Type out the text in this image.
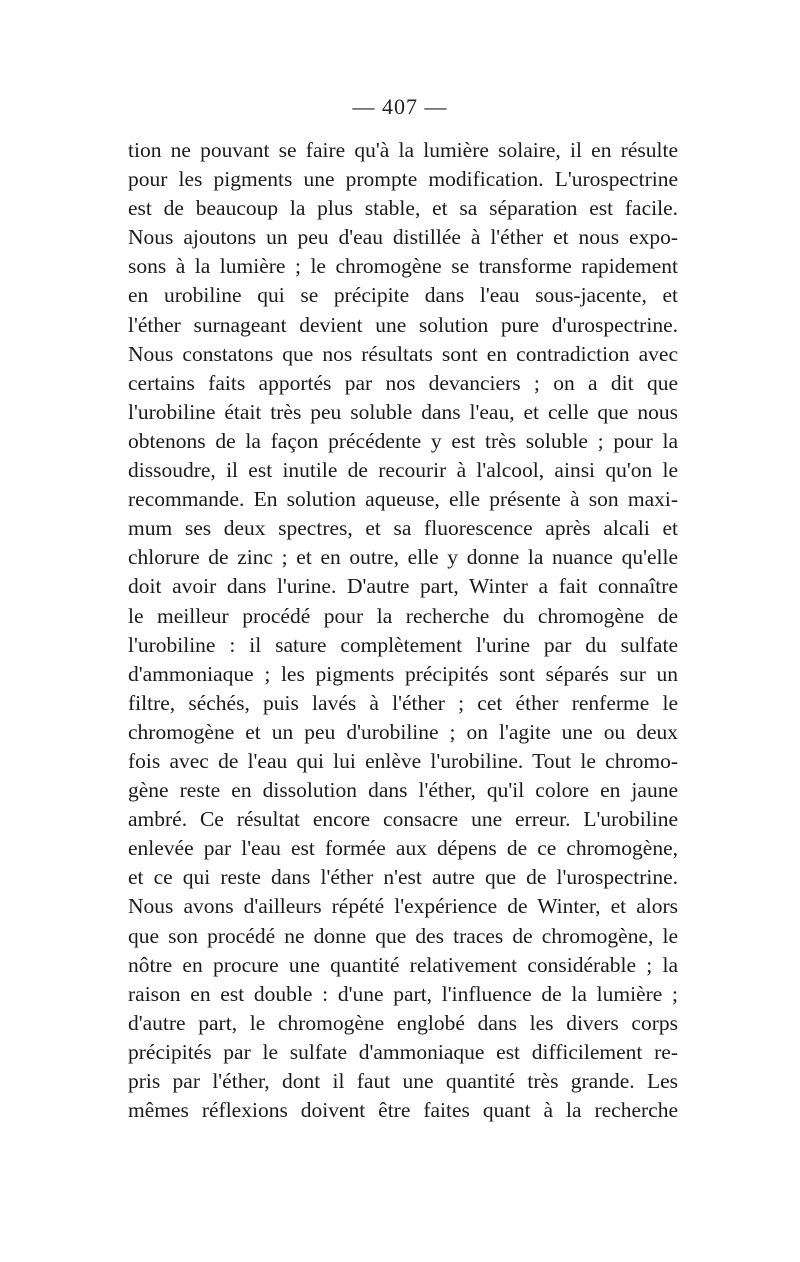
— 407 —
tion ne pouvant se faire qu'à la lumière solaire, il en résulte
pour les pigments une prompte modification. L'urospectrine
est de beaucoup la plus stable, et sa séparation est facile.
Nous ajoutons un peu d'eau distillée à l'éther et nous expo-
sons à la lumière ; le chromogène se transforme rapidement
en urobiline qui se précipite dans l'eau sous-jacente, et
l'éther surnageant devient une solution pure d'urospectrine.
Nous constatons que nos résultats sont en contradiction avec
certains faits apportés par nos devanciers ; on a dit que
l'urobiline était très peu soluble dans l'eau, et celle que nous
obtenons de la façon précédente y est très soluble ; pour la
dissoudre, il est inutile de recourir à l'alcool, ainsi qu'on le
recommande. En solution aqueuse, elle présente à son maxi-
mum ses deux spectres, et sa fluorescence après alcali et
chlorure de zinc ; et en outre, elle y donne la nuance qu'elle
doit avoir dans l'urine. D'autre part, Winter a fait connaître
le meilleur procédé pour la recherche du chromogène de
l'urobiline : il sature complètement l'urine par du sulfate
d'ammoniaque ; les pigments précipités sont séparés sur un
filtre, séchés, puis lavés à l'éther ; cet éther renferme le
chromogène et un peu d'urobiline ; on l'agite une ou deux
fois avec de l'eau qui lui enlève l'urobiline. Tout le chromo-
gène reste en dissolution dans l'éther, qu'il colore en jaune
ambré. Ce résultat encore consacre une erreur. L'urobiline
enlevée par l'eau est formée aux dépens de ce chromogène,
et ce qui reste dans l'éther n'est autre que de l'urospectrine.
Nous avons d'ailleurs répété l'expérience de Winter, et alors
que son procédé ne donne que des traces de chromogène, le
nôtre en procure une quantité relativement considérable ; la
raison en est double : d'une part, l'influence de la lumière ;
d'autre part, le chromogène englobé dans les divers corps
précipités par le sulfate d'ammoniaque est difficilement re-
pris par l'éther, dont il faut une quantité très grande. Les
mêmes réflexions doivent être faites quant à la recherche
